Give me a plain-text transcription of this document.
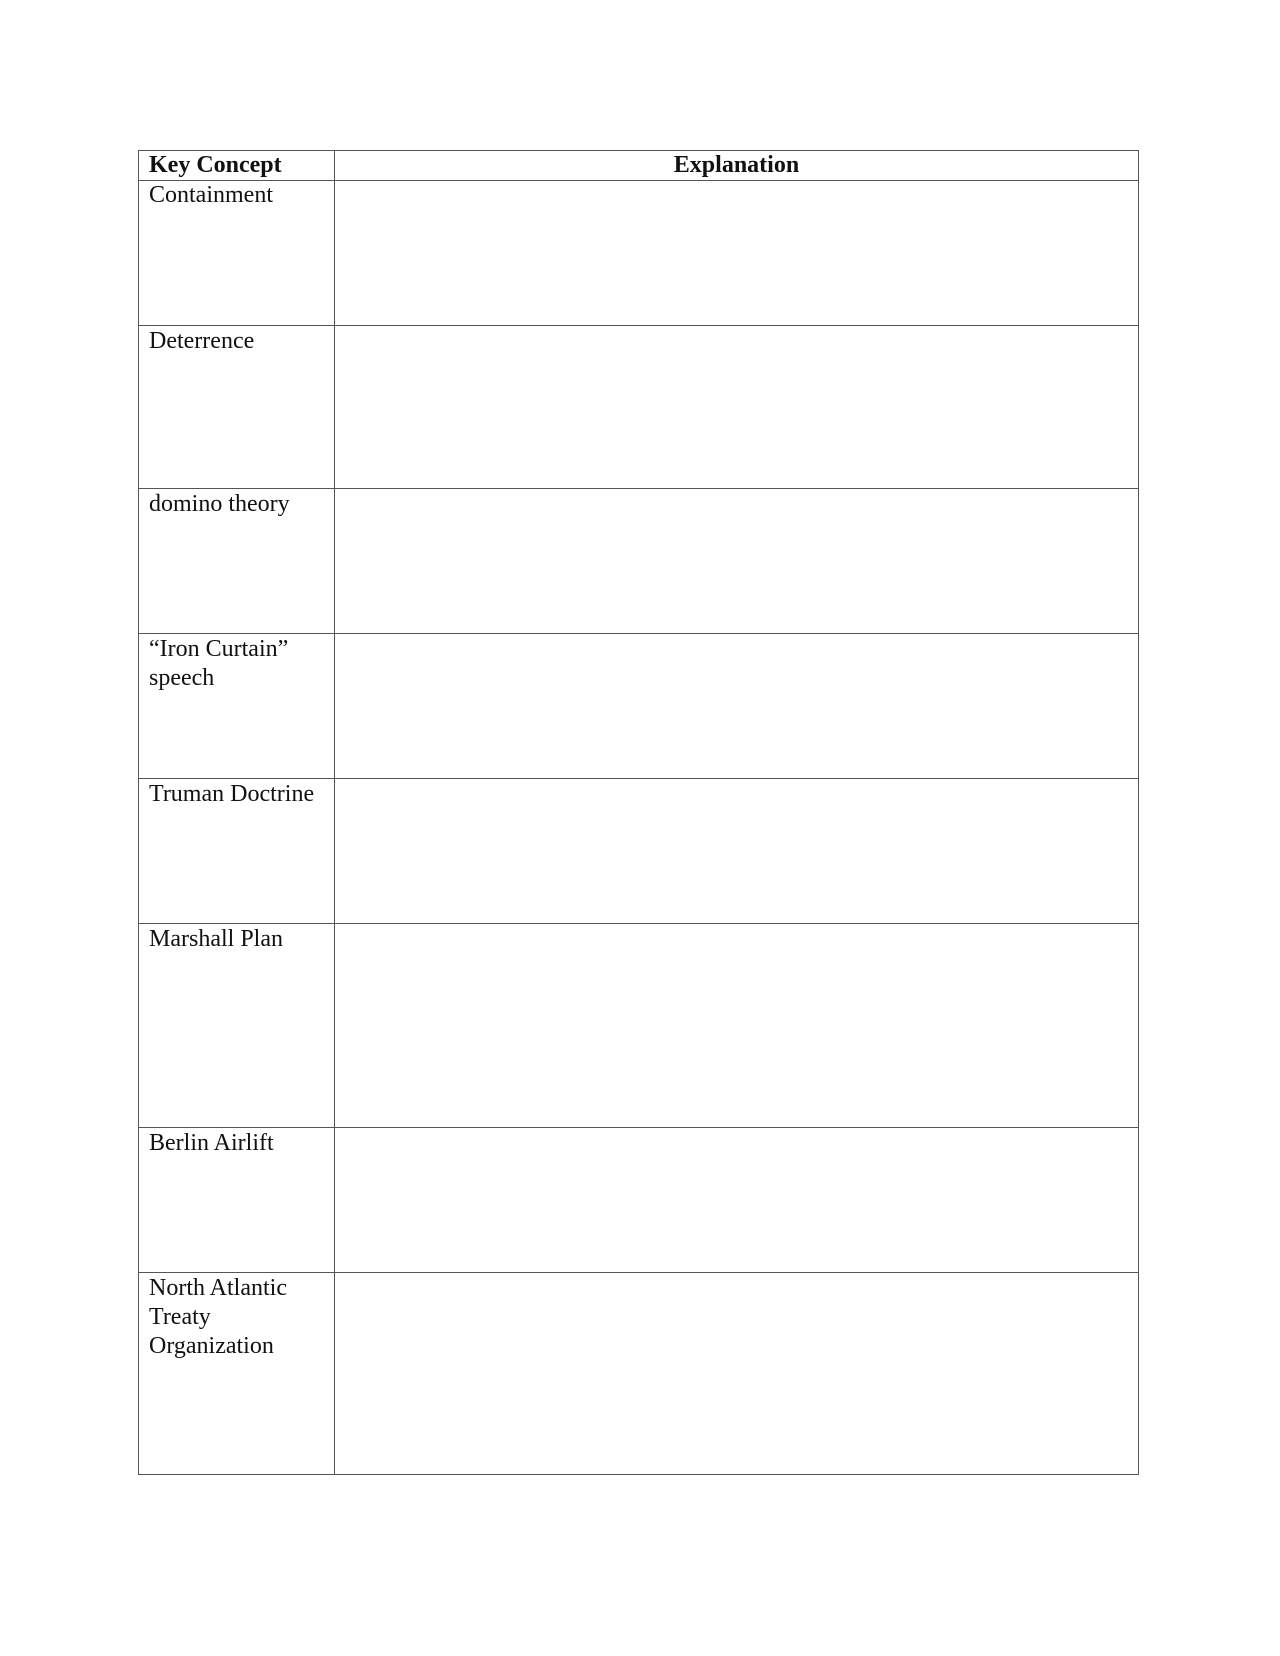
Key Concept	Explanation
Containment	
Deterrence	
domino theory	
“Iron Curtain” speech	
Truman Doctrine	
Marshall Plan	
Berlin Airlift	
North Atlantic Treaty Organization	
